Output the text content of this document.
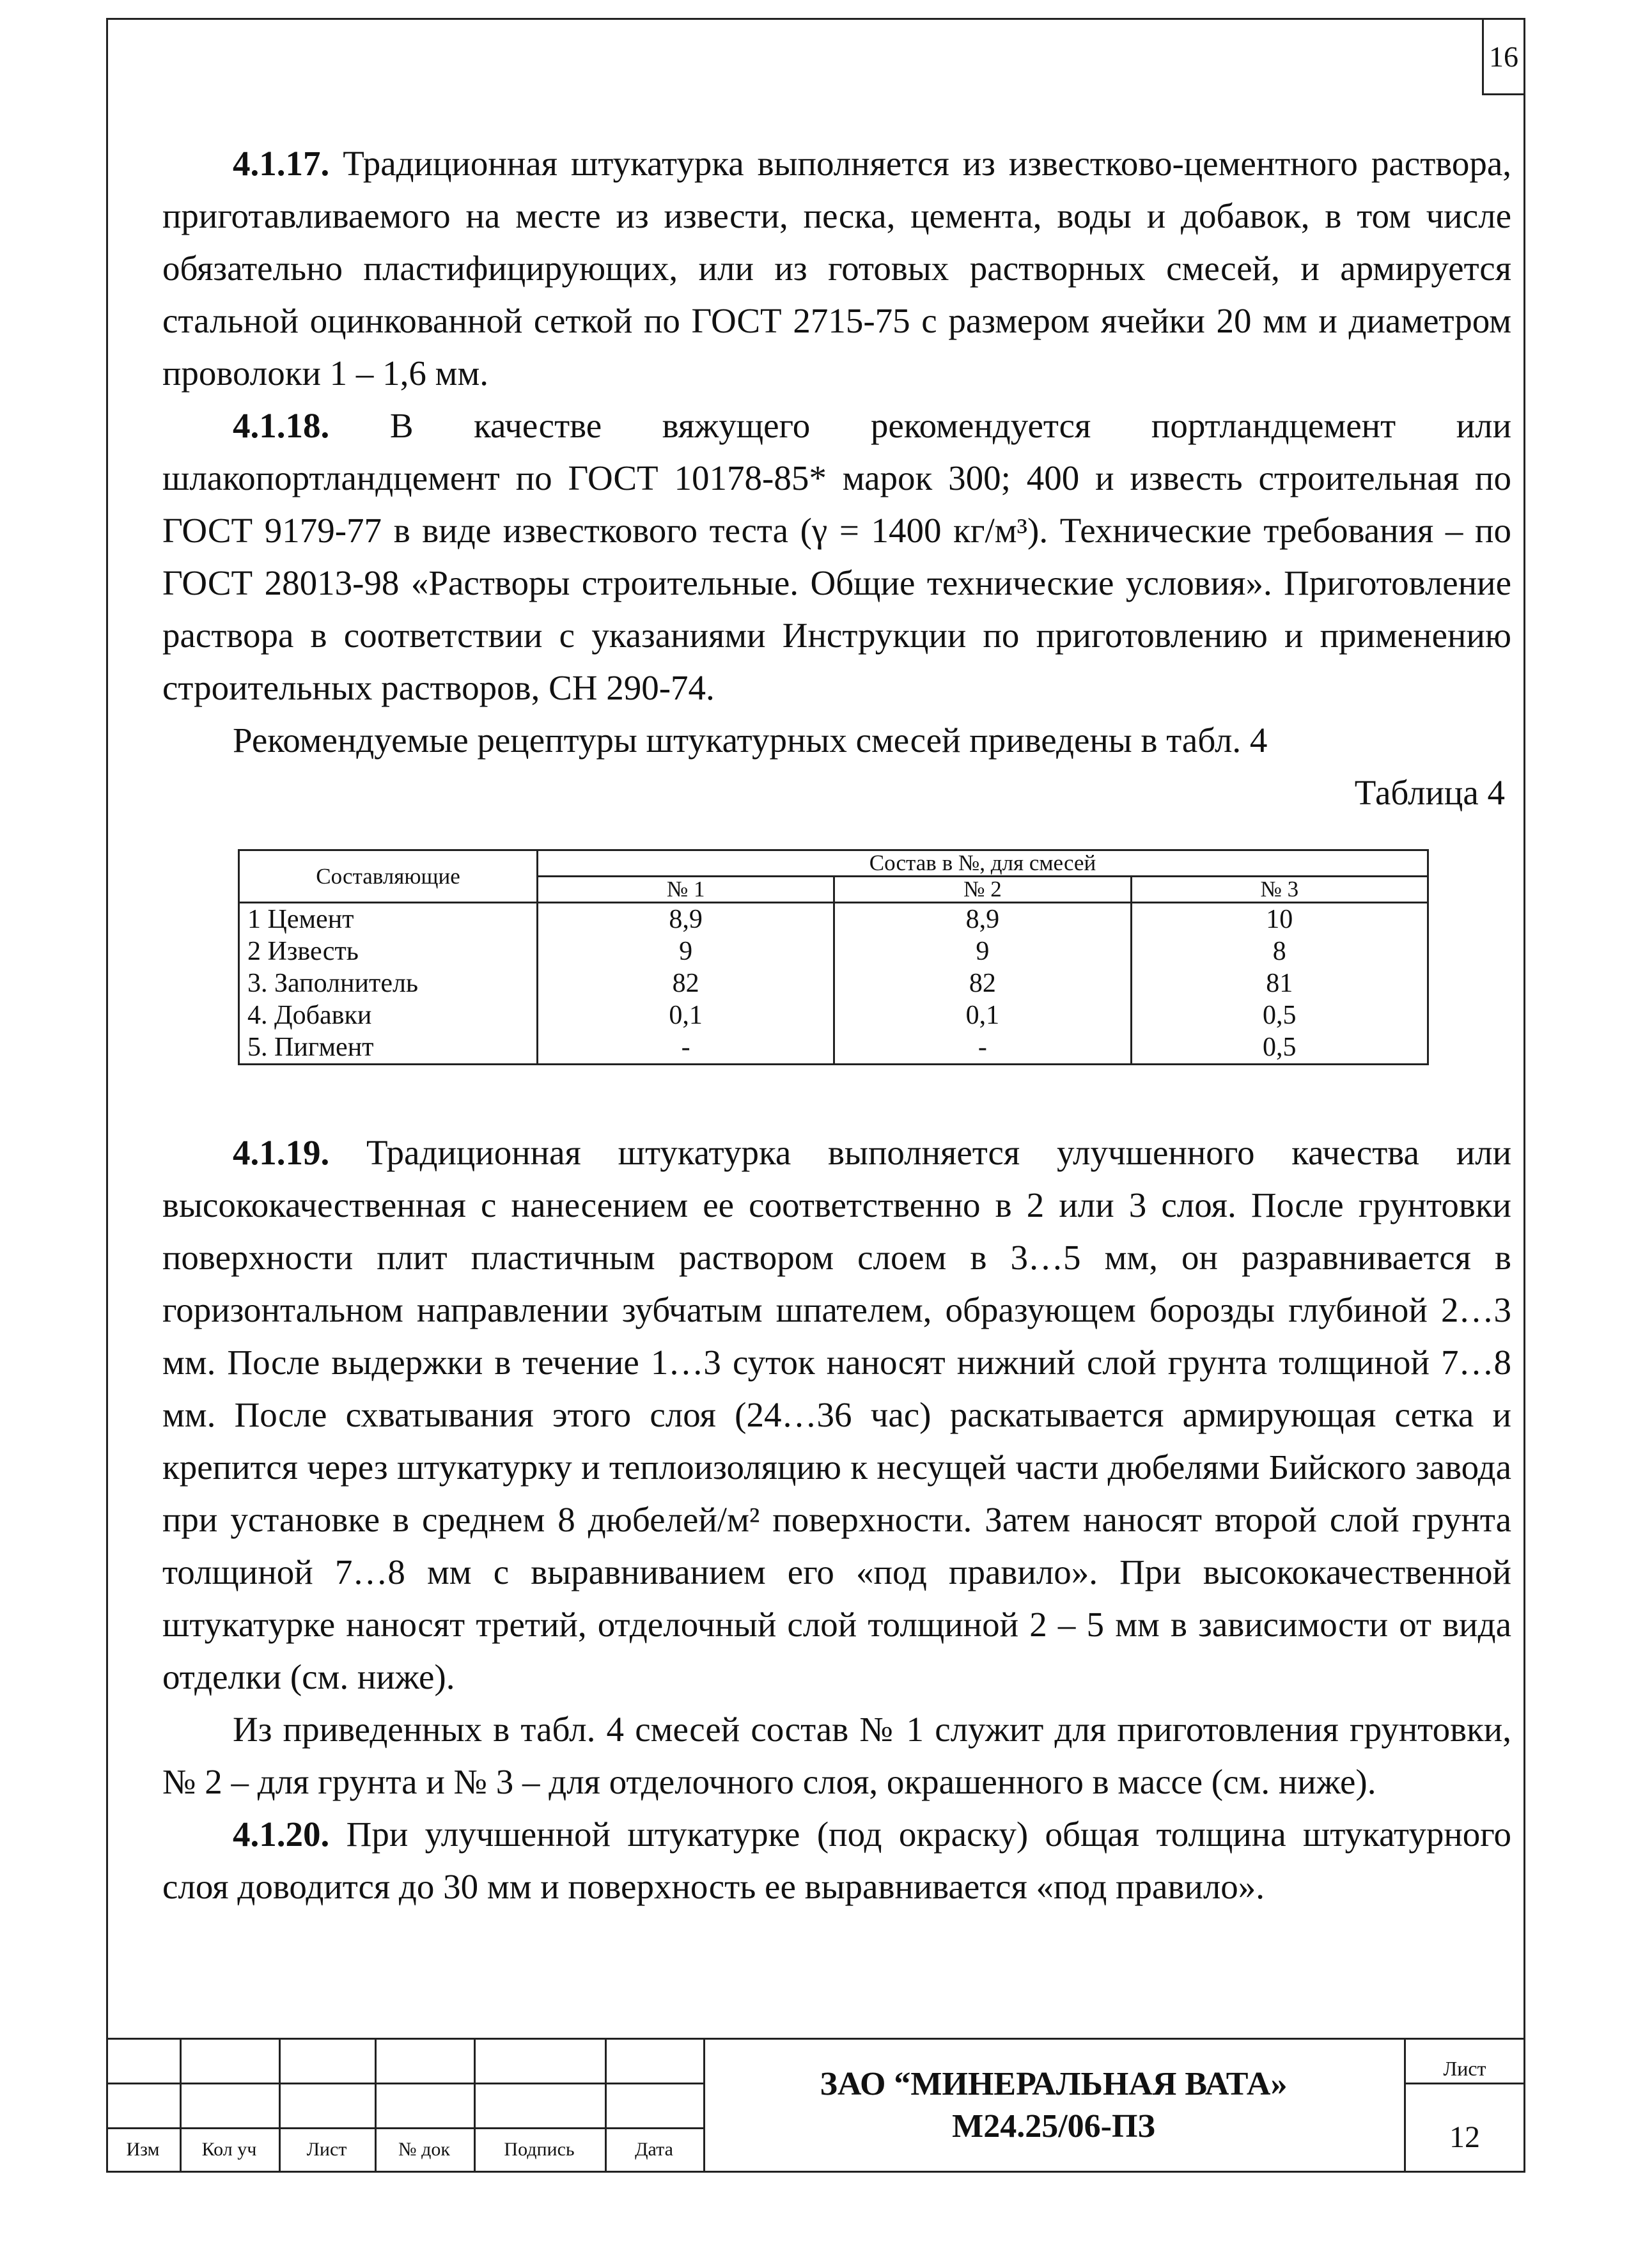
16

4.1.17. Традиционная штукатурка выполняется из известково-цементного раствора, приготавливаемого на месте из извести, песка, цемента, воды и добавок, в том числе обязательно пластифицирующих, или из готовых растворных смесей, и армируется стальной оцинкованной сеткой по ГОСТ 2715-75 с размером ячейки 20 мм и диаметром проволоки 1 – 1,6 мм.

4.1.18. В качестве вяжущего рекомендуется портландцемент или шлакопортландцемент по ГОСТ 10178-85* марок 300; 400 и известь строительная по ГОСТ 9179-77 в виде известкового теста (γ = 1400 кг/м³). Технические требования – по ГОСТ 28013-98 «Растворы строительные. Общие технические условия». Приготовление раствора в соответствии с указаниями Инструкции по приготовлению и применению строительных растворов, СН 290-74.

Рекомендуемые рецептуры штукатурных смесей приведены в табл. 4

Таблица 4

Составляющие	Состав в №, для смесей		
	№ 1	№ 2	№ 3
1 Цемент	8,9	8,9	10
2 Известь	9	9	8
3. Заполнитель	82	82	81
4. Добавки	0,1	0,1	0,5
5. Пигмент	-	-	0,5

4.1.19. Традиционная штукатурка выполняется улучшенного качества или высококачественная с нанесением ее соответственно в 2 или 3 слоя. После грунтовки поверхности плит пластичным раствором слоем в 3…5 мм, он разравнивается в горизонтальном направлении зубчатым шпателем, образующем борозды глубиной 2…3 мм. После выдержки в течение 1…3 суток наносят нижний слой грунта толщиной 7…8 мм. После схватывания этого слоя (24…36 час) раскатывается армирующая сетка и крепится через штукатурку и теплоизоляцию к несущей части дюбелями Бийского завода при установке в среднем 8 дюбелей/м² поверхности. Затем наносят второй слой грунта толщиной 7…8 мм с выравниванием его «под правило». При высококачественной штукатурке наносят третий, отделочный слой толщиной 2 – 5 мм в зависимости от вида отделки (см. ниже).

Из приведенных в табл. 4 смесей состав № 1 служит для приготовления грунтовки, № 2 – для грунта и № 3 – для отделочного слоя, окрашенного в массе (см. ниже).

4.1.20. При улучшенной штукатурке (под окраску) общая толщина штукатурного слоя доводится до 30 мм и поверхность ее выравнивается «под правило».

Изм	Кол уч	Лист	№ док	Подпись	Дата
ЗАО “МИНЕРАЛЬНАЯ ВАТА»
М24.25/06-ПЗ
Лист
12
